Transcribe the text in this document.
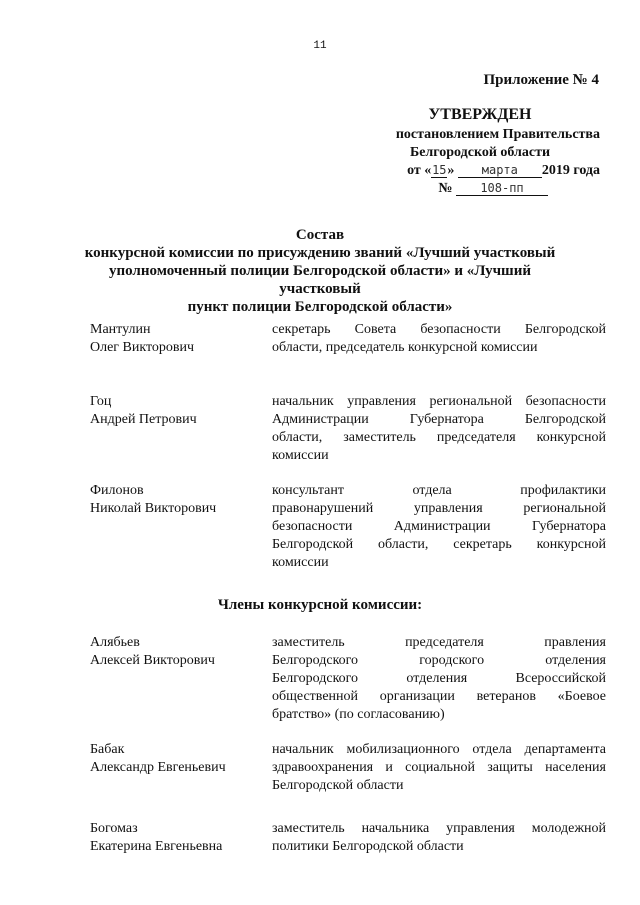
11
Приложение № 4
УТВЕРЖДЕН
постановлением Правительства
Белгородской области
от «15» марта 2019 года
№ 108-пп
Состав
конкурсной комиссии по присуждению званий «Лучший участковый
уполномоченный полиции Белгородской области» и «Лучший участковый
пункт полиции Белгородской области»
Мантулин
Олег Викторович
секретарь Совета безопасности Белгородской
области, председатель конкурсной комиссии
Гоц
Андрей Петрович
начальник управления региональной безопасности
Администрации Губернатора Белгородской
области, заместитель председателя конкурсной
комиссии
Филонов
Николай Викторович
консультант отдела профилактики
правонарушений управления региональной
безопасности Администрации Губернатора
Белгородской области, секретарь конкурсной
комиссии
Члены конкурсной комиссии:
Алябьев
Алексей Викторович
заместитель председателя правления
Белгородского городского отделения
Белгородского отделения Всероссийской
общественной организации ветеранов «Боевое
братство» (по согласованию)
Бабак
Александр Евгеньевич
начальник мобилизационного отдела департамента
здравоохранения и социальной защиты населения
Белгородской области
Богомаз
Екатерина Евгеньевна
заместитель начальника управления молодежной
политики Белгородской области
